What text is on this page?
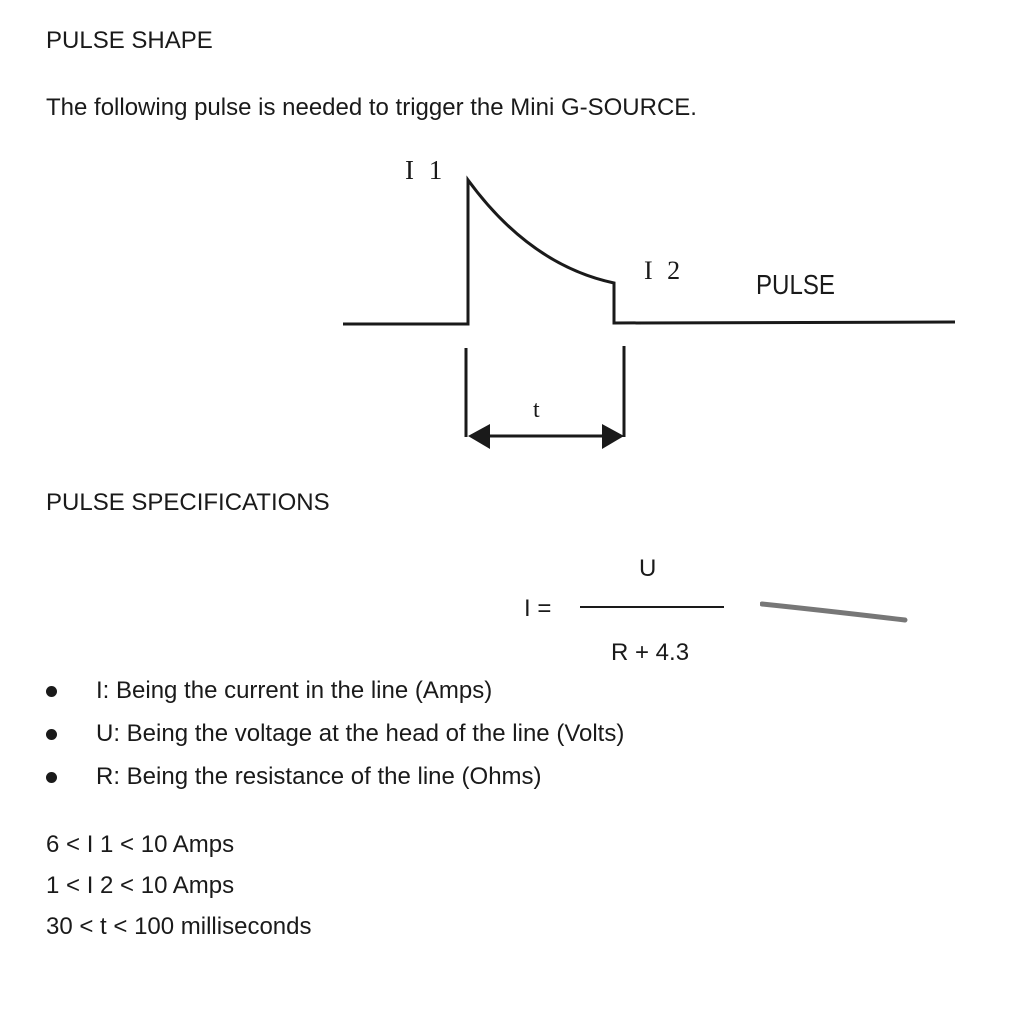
PULSE SHAPE
The following pulse is needed to trigger the Mini G-SOURCE.
I 1
I 2
t
PULSE
PULSE SPECIFICATIONS
I =
U
R + 4.3
I: Being the current in the line (Amps)
U: Being the voltage at the head of the line (Volts)
R: Being the resistance of the line (Ohms)
6 < I 1 < 10 Amps
1 < I 2 < 10 Amps
30 < t < 100 milliseconds
